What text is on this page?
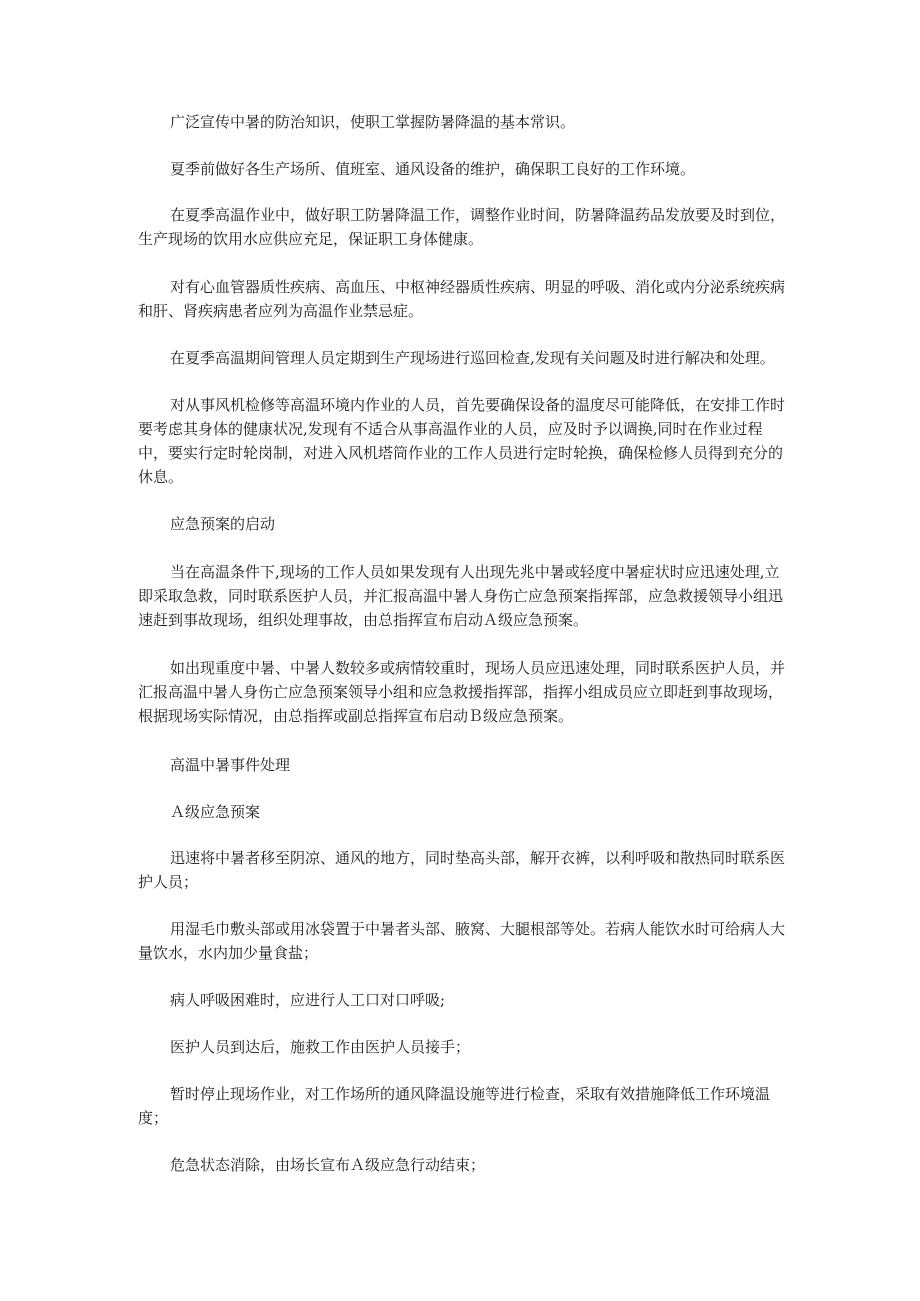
广泛宣传中暑的防治知识，使职工掌握防暑降温的基本常识。

夏季前做好各生产场所、值班室、通风设备的维护，确保职工良好的工作环境。

在夏季高温作业中，做好职工防暑降温工作，调整作业时间，防暑降温药品发放要及时到位，生产现场的饮用水应供应充足，保证职工身体健康。

对有心血管器质性疾病、高血压、中枢神经器质性疾病、明显的呼吸、消化或内分泌系统疾病和肝、肾疾病患者应列为高温作业禁忌症。

在夏季高温期间管理人员定期到生产现场进行巡回检查,发现有关问题及时进行解决和处理。

对从事风机检修等高温环境内作业的人员，首先要确保设备的温度尽可能降低，在安排工作时要考虑其身体的健康状况,发现有不适合从事高温作业的人员，应及时予以调换,同时在作业过程中，要实行定时轮岗制，对进入风机塔筒作业的工作人员进行定时轮换，确保检修人员得到充分的休息。

应急预案的启动

当在高温条件下,现场的工作人员如果发现有人出现先兆中暑或轻度中暑症状时应迅速处理,立即采取急救，同时联系医护人员，并汇报高温中暑人身伤亡应急预案指挥部，应急救援领导小组迅速赶到事故现场，组织处理事故，由总指挥宣布启动Ａ级应急预案。

如出现重度中暑、中暑人数较多或病情较重时，现场人员应迅速处理，同时联系医护人员，并汇报高温中暑人身伤亡应急预案领导小组和应急救援指挥部，指挥小组成员应立即赶到事故现场，根据现场实际情况，由总指挥或副总指挥宣布启动Ｂ级应急预案。

高温中暑事件处理

Ａ级应急预案

迅速将中暑者移至阴凉、通风的地方，同时垫高头部，解开衣裤，以利呼吸和散热同时联系医护人员；

用湿毛巾敷头部或用冰袋置于中暑者头部、腋窝、大腿根部等处。若病人能饮水时可给病人大量饮水，水内加少量食盐；

病人呼吸困难时，应进行人工口对口呼吸;

医护人员到达后，施救工作由医护人员接手；

暂时停止现场作业，对工作场所的通风降温设施等进行检查，采取有效措施降低工作环境温度；

危急状态消除，由场长宣布Ａ级应急行动结束；
